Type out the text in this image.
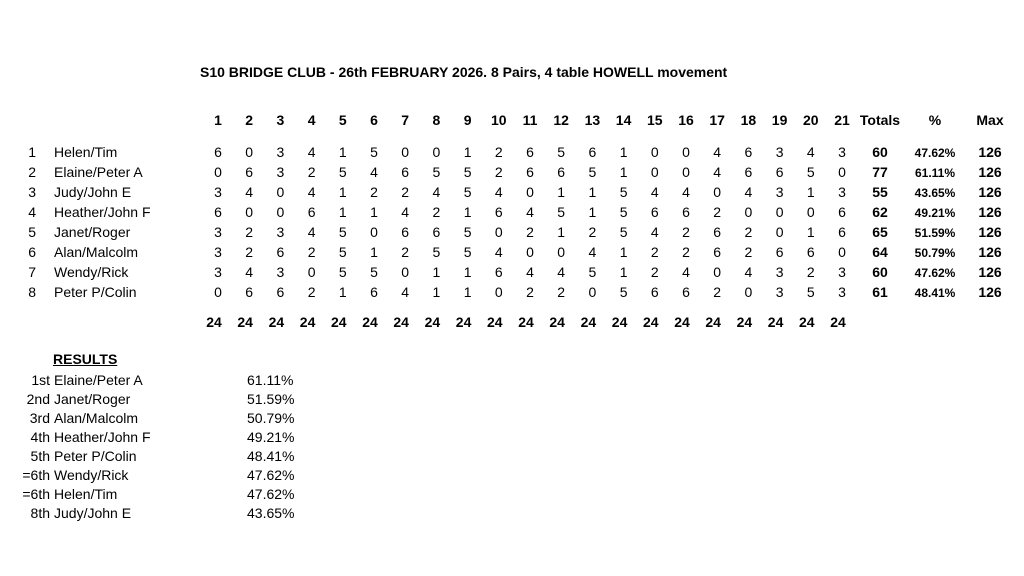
S10 BRIDGE CLUB - 26th FEBRUARY 2026. 8 Pairs, 4 table HOWELL movement
1 2 3 4 5 6 7 8 9 10 11 12 13 14 15 16 17 18 19 20 21 Totals %	Max
1 Helen/Tim	6 0 3 4 1 5 0 0 1 2 6 5 6 1 0 0 4 6 3 4 3 60 47.62% 126
2 Elaine/Peter A	0 6 3 2 5 4 6 5 5 2 6 6 5 1 0 0 4 6 6 5 0 77 61.11% 126
3 Judy/John E	3 4 0 4 1 2 2 4 5 4 0 1 1 5 4 4 0 4 3 1 3 55 43.65% 126
4 Heather/John F	6 0 0 6 1 1 4 2 1 6 4 5 1 5 6 6 2 0 0 0 6 62 49.21% 126
5 Janet/Roger	3 2 3 4 5 0 6 6 5 0 2 1 2 5 4 2 6 2 0 1 6 65 51.59% 126
6 Alan/Malcolm	3 2 6 2 5 1 2 5 5 4 0 0 4 1 2 2 6 2 6 6 0 64 50.79% 126
7 Wendy/Rick	3 4 3 0 5 5 0 1 1 6 4 4 5 1 2 4 0 4 3 2 3 60 47.62% 126
8 Peter P/Colin	0 6 6 2 1 6 4 1 1 0 2 2 0 5 6 6 2 0 3 5 3 61 48.41% 126
24 24 24 24 24 24 24 24 24 24 24 24 24 24 24 24 24 24 24 24 24
RESULTS
1st Elaine/Peter A	61.11%
2nd Janet/Roger	51.59%
3rd Alan/Malcolm	50.79%
4th Heather/John F	49.21%
5th Peter P/Colin	48.41%
=6th Wendy/Rick	47.62%
=6th Helen/Tim	47.62%
8th Judy/John E	43.65%
